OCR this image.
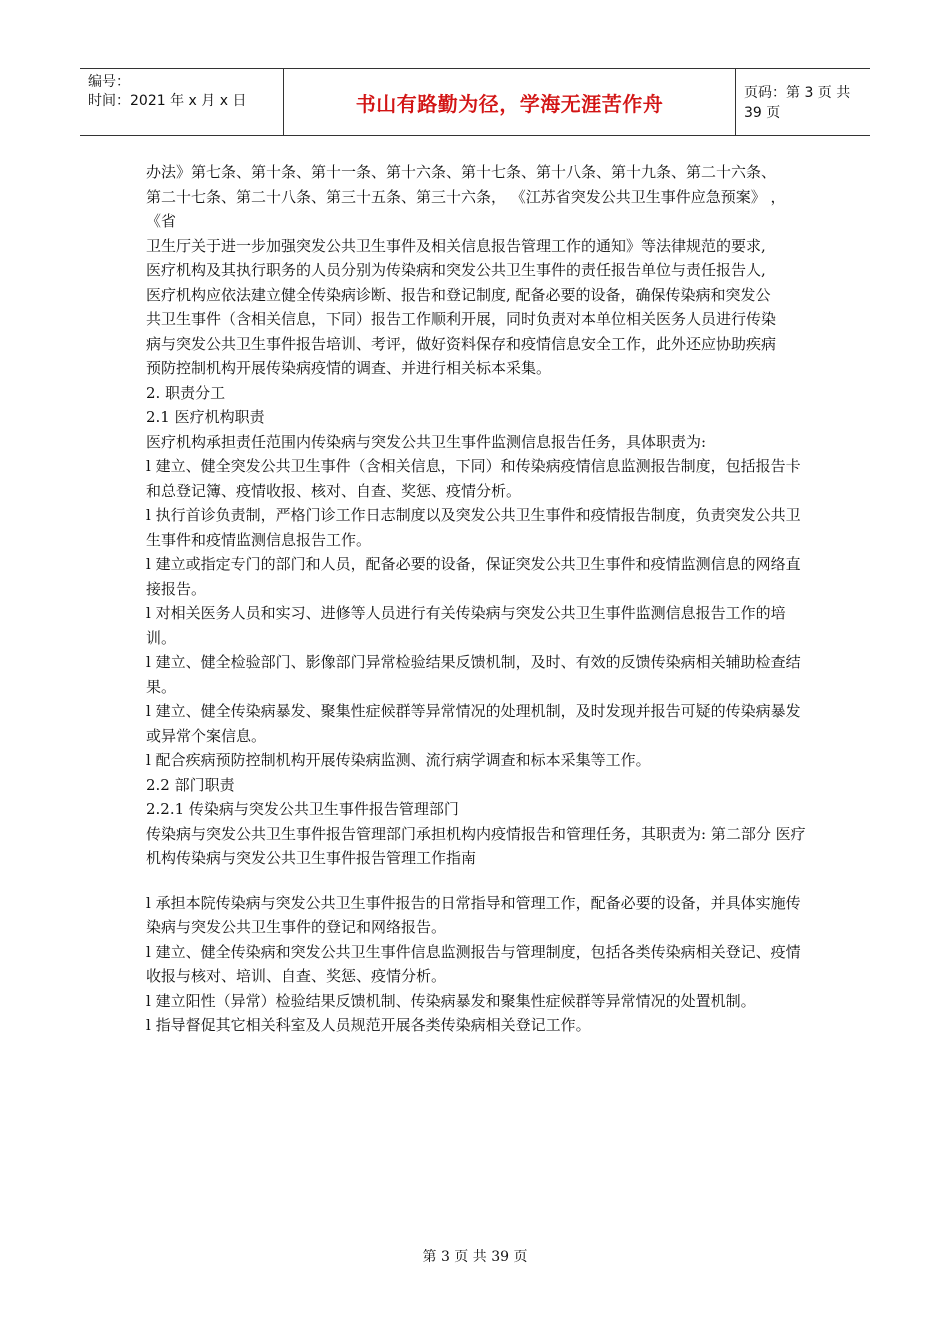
编号：
时间：2021 年 x 月 x 日	书山有路勤为径，学海无涯苦作舟	页码：第 3 页 共 39 页

办法》第七条、第十条、第十一条、第十六条、第十七条、第十八条、第十九条、第二十六条、

第二十七条、第二十八条、第三十五条、第三十六条， 《江苏省突发公共卫生事件应急预案》 ， 《省

卫生厅关于进一步加强突发公共卫生事件及相关信息报告管理工作的通知》等法律规范的要求,

医疗机构及其执行职务的人员分别为传染病和突发公共卫生事件的责任报告单位与责任报告人,

医疗机构应依法建立健全传染病诊断、报告和登记制度, 配备必要的设备，确保传染病和突发公

共卫生事件（含相关信息，下同）报告工作顺利开展，同时负责对本单位相关医务人员进行传染

病与突发公共卫生事件报告培训、考评，做好资料保存和疫情信息安全工作，此外还应协助疾病

预防控制机构开展传染病疫情的调查、并进行相关标本采集。

2. 职责分工

2.1 医疗机构职责

医疗机构承担责任范围内传染病与突发公共卫生事件监测信息报告任务，具体职责为:

l 建立、健全突发公共卫生事件（含相关信息，下同）和传染病疫情信息监测报告制度，包括报告卡和总登记簿、疫情收报、核对、自查、奖惩、疫情分析。

l 执行首诊负责制，严格门诊工作日志制度以及突发公共卫生事件和疫情报告制度，负责突发公共卫生事件和疫情监测信息报告工作。

l 建立或指定专门的部门和人员，配备必要的设备，保证突发公共卫生事件和疫情监测信息的网络直接报告。

l 对相关医务人员和实习、进修等人员进行有关传染病与突发公共卫生事件监测信息报告工作的培训。

l 建立、健全检验部门、影像部门异常检验结果反馈机制，及时、有效的反馈传染病相关辅助检查结果。

l 建立、健全传染病暴发、聚集性症候群等异常情况的处理机制，及时发现并报告可疑的传染病暴发或异常个案信息。

l 配合疾病预防控制机构开展传染病监测、流行病学调查和标本采集等工作。

2.2 部门职责

2.2.1 传染病与突发公共卫生事件报告管理部门

传染病与突发公共卫生事件报告管理部门承担机构内疫情报告和管理任务，其职责为: 第二部分 医疗机构传染病与突发公共卫生事件报告管理工作指南

l 承担本院传染病与突发公共卫生事件报告的日常指导和管理工作，配备必要的设备，并具体实施传染病与突发公共卫生事件的登记和网络报告。

l 建立、健全传染病和突发公共卫生事件信息监测报告与管理制度，包括各类传染病相关登记、疫情收报与核对、培训、自查、奖惩、疫情分析。

l 建立阳性（异常）检验结果反馈机制、传染病暴发和聚集性症候群等异常情况的处置机制。

l 指导督促其它相关科室及人员规范开展各类传染病相关登记工作。

第 3 页 共 39 页
